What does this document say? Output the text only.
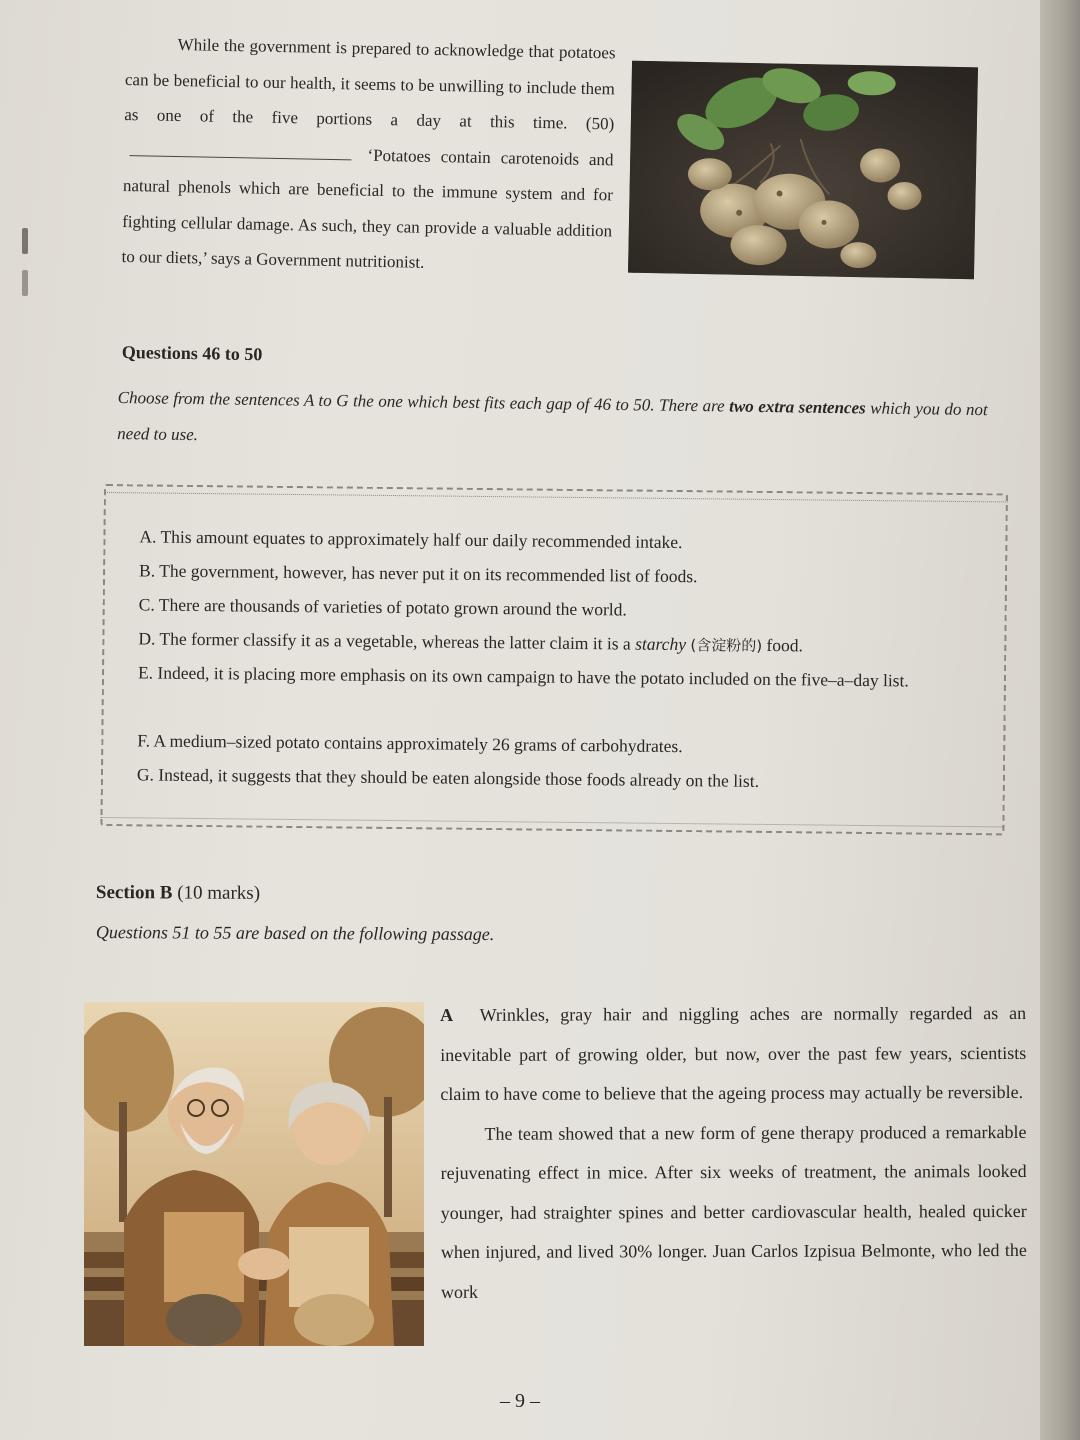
While the government is prepared to acknowledge that potatoes can be beneficial to our health, it seems to be unwilling to include them as one of the five portions a day at this time. (50)  ‘Potatoes contain carotenoids and natural phenols which are beneficial to the immune system and for fighting cellular damage. As such, they can provide a valuable addition to our diets,’ says a Government nutritionist.

Questions 46 to 50
Choose from the sentences A to G the one which best fits each gap of 46 to 50. There are two extra sentences which you do not need to use.
A. This amount equates to approximately half our daily recommended intake.
B. The government, however, has never put it on its recommended list of foods.
C. There are thousands of varieties of potato grown around the world.
D. The former classify it as a vegetable, whereas the latter claim it is a starchy (含淀粉的) food.
E. Indeed, it is placing more emphasis on its own campaign to have the potato included on the five–a–day list.
F. A medium–sized potato contains approximately 26 grams of carbohydrates.
G. Instead, it suggests that they should be eaten alongside those foods already on the list.
Section B (10 marks)
Questions 51 to 55 are based on the following passage.

A Wrinkles, gray hair and niggling aches are normally regarded as an inevitable part of growing older, but now, over the past few years, scientists claim to have come to believe that the ageing process may actually be reversible.

The team showed that a new form of gene therapy produced a remarkable rejuvenating effect in mice. After six weeks of treatment, the animals looked younger, had straighter spines and better cardiovascular health, healed quicker when injured, and lived 30% longer. Juan Carlos Izpisua Belmonte, who led the work

– 9 –
